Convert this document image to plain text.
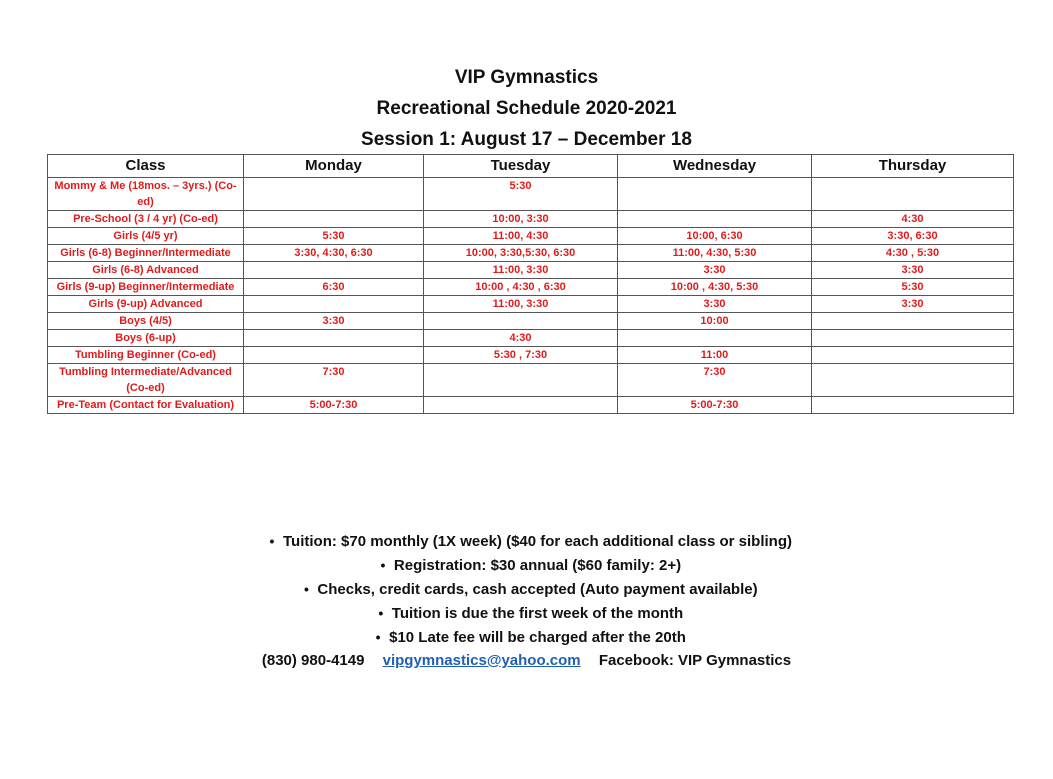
VIP Gymnastics
Recreational Schedule 2020-2021
Session 1: August 17 – December 18
Class	Monday	Tuesday	Wednesday	Thursday
Mommy & Me (18mos. – 3yrs.) (Co-ed)		5:30		
Pre-School (3 / 4 yr) (Co-ed)		10:00, 3:30		4:30
Girls (4/5 yr)	5:30	11:00, 4:30	10:00, 6:30	3:30, 6:30
Girls (6-8) Beginner/Intermediate	3:30, 4:30, 6:30	10:00, 3:30,5:30, 6:30	11:00, 4:30, 5:30	4:30 , 5:30
Girls (6-8) Advanced		11:00, 3:30	3:30	3:30
Girls (9-up) Beginner/Intermediate	6:30	10:00 , 4:30 , 6:30	10:00 , 4:30, 5:30	5:30
Girls (9-up) Advanced		11:00, 3:30	3:30	3:30
Boys (4/5)	3:30		10:00	
Boys (6-up)		4:30		
Tumbling Beginner (Co-ed)		5:30 , 7:30	11:00	
Tumbling Intermediate/Advanced (Co-ed)	7:30		7:30	
Pre-Team (Contact for Evaluation)	5:00-7:30		5:00-7:30	
• Tuition: $70 monthly (1X week) ($40 for each additional class or sibling)
• Registration: $30 annual ($60 family: 2+)
• Checks, credit cards, cash accepted (Auto payment available)
• Tuition is due the first week of the month
• $10 Late fee will be charged after the 20th
(830) 980-4149 vipgymnastics@yahoo.com Facebook: VIP Gymnastics
